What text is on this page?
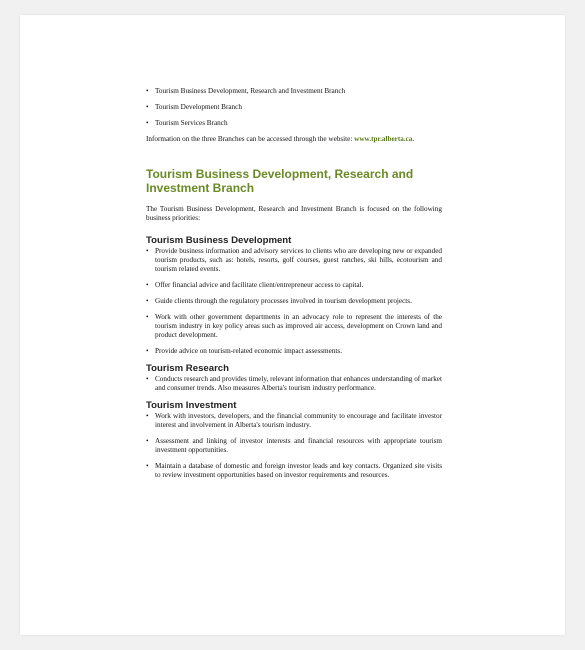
• Tourism Business Development, Research and Investment Branch
• Tourism Development Branch
• Tourism Services Branch

Information on the three Branches can be accessed through the website: www.tpr.alberta.ca.

Tourism Business Development, Research and Investment Branch

The Tourism Business Development, Research and Investment Branch is focused on the following business priorities:

Tourism Business Development
• Provide business information and advisory services to clients who are developing new or expanded tourism products, such as: hotels, resorts, golf courses, guest ranches, ski hills, ecotourism and tourism related events.
• Offer financial advice and facilitate client/entrepreneur access to capital.
• Guide clients through the regulatory processes involved in tourism development projects.
• Work with other government departments in an advocacy role to represent the interests of the tourism industry in key policy areas such as improved air access, development on Crown land and product development.
• Provide advice on tourism-related economic impact assessments.
Tourism Research
• Conducts research and provides timely, relevant information that enhances understanding of market and consumer trends. Also measures Alberta's tourism industry performance.
Tourism Investment
• Work with investors, developers, and the financial community to encourage and facilitate investor interest and involvement in Alberta's tourism industry.
• Assessment and linking of investor interests and financial resources with appropriate tourism investment opportunities.
• Maintain a database of domestic and foreign investor leads and key contacts. Organized site visits to review investment opportunities based on investor requirements and resources.
